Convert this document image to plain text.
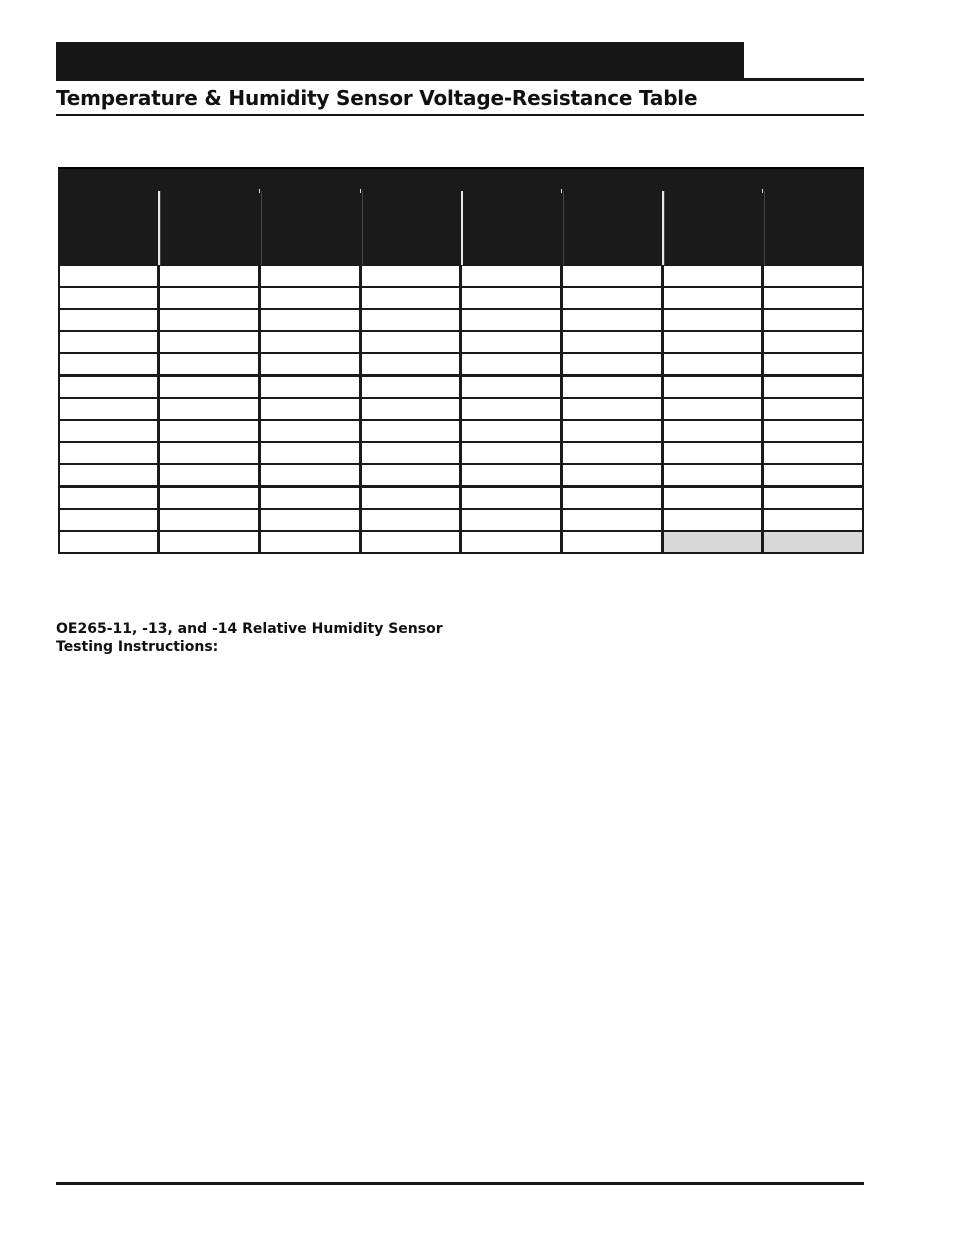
Temperature & Humidity Sensor Voltage-Resistance Table
OE265-11, -13, and -14 Relative Humidity Sensor
Testing Instructions:
